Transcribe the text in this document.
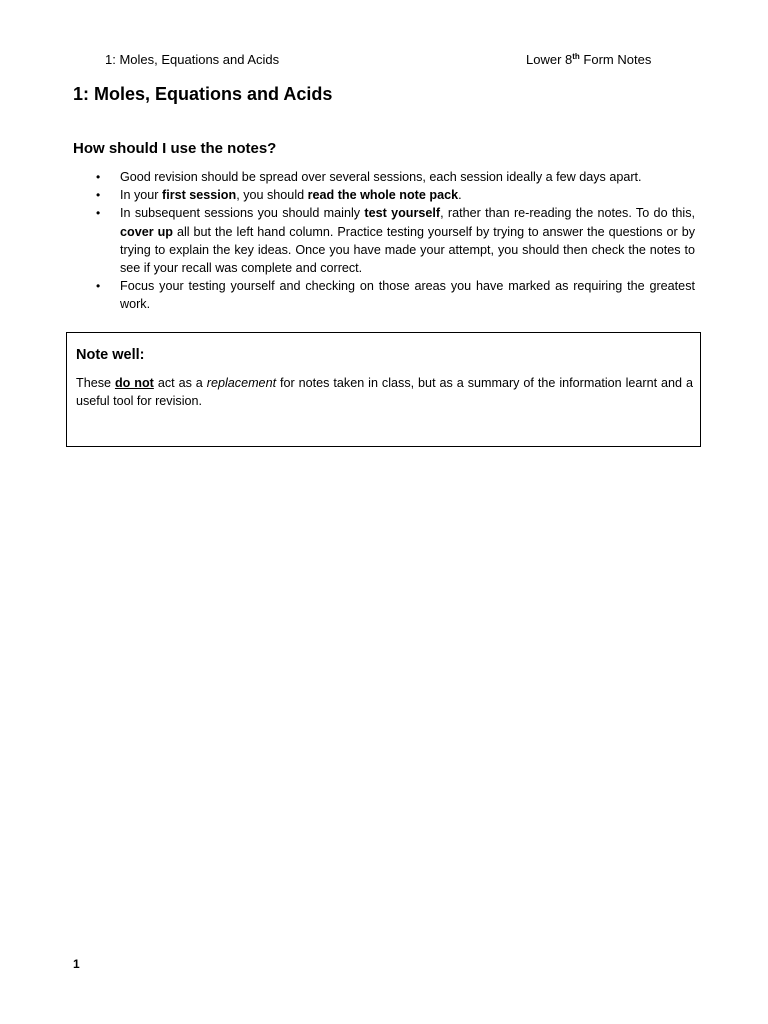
1: Moles, Equations and Acids	Lower 8th Form Notes
1: Moles, Equations and Acids
How should I use the notes?
• Good revision should be spread over several sessions, each session ideally a few days apart.
• In your first session, you should read the whole note pack.
• In subsequent sessions you should mainly test yourself, rather than re-reading the notes. To do this, cover up all but the left hand column. Practice testing yourself by trying to answer the questions or by trying to explain the key ideas. Once you have made your attempt, you should then check the notes to see if your recall was complete and correct.
• Focus your testing yourself and checking on those areas you have marked as requiring the greatest work.
Note well:

These do not act as a replacement for notes taken in class, but as a summary of the information learnt and a useful tool for revision.

1
